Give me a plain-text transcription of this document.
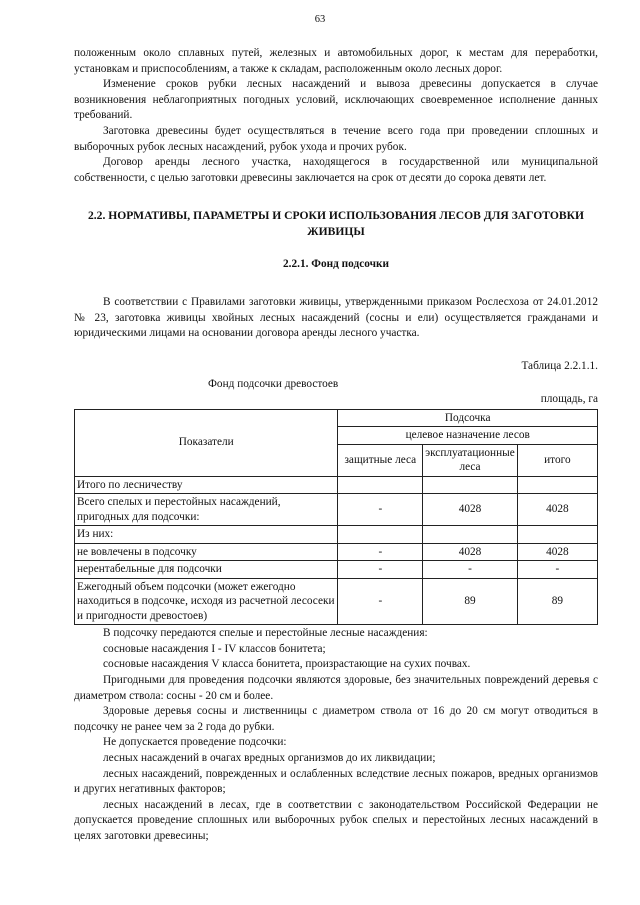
63

положенным около сплавных путей, железных и автомобильных дорог, к местам для переработки, установкам и приспособлениям, а также к складам, расположенным около лесных дорог.

Изменение сроков рубки лесных насаждений и вывоза древесины допускается в случае возникновения неблагоприятных погодных условий, исключающих своевременное исполнение данных требований.

Заготовка древесины будет осуществляться в течение всего года при проведении сплошных и выборочных рубок лесных насаждений, рубок ухода и прочих рубок.

Договор аренды лесного участка, находящегося в государственной или муниципальной собственности, с целью заготовки древесины заключается на срок от десяти до сорока девяти лет.

2.2. НОРМАТИВЫ, ПАРАМЕТРЫ И СРОКИ ИСПОЛЬЗОВАНИЯ ЛЕСОВ ДЛЯ ЗАГОТОВКИ ЖИВИЦЫ
2.2.1. Фонд подсочки

В соответствии с Правилами заготовки живицы, утвержденными приказом Рослесхоза от 24.01.2012 № 23, заготовка живицы хвойных лесных насаждений (сосны и ели) осуществляется гражданами и юридическими лицами на основании договора аренды лесного участка.

Таблица 2.2.1.1.
Фонд подсочки древостоев
площадь, га
Показатели	Подсочка		
	целевое назначение лесов		
	защитные леса	эксплуатационные леса	итого
Итого по лесничеству			
Всего спелых и перестойных насаждений, пригодных для подсочки:	-	4028	4028
Из них:			
не вовлечены в подсочку	-	4028	4028
нерентабельные для подсочки	-	-	-
Ежегодный объем подсочки (может ежегодно находиться в подсочке, исходя из расчетной лесосеки и пригодности древостоев)	-	89	89

В подсочку передаются спелые и перестойные лесные насаждения:

сосновые насаждения I - IV классов бонитета;

сосновые насаждения V класса бонитета, произрастающие на сухих почвах.

Пригодными для проведения подсочки являются здоровые, без значительных повреждений деревья с диаметром ствола: сосны - 20 см и более.

Здоровые деревья сосны и лиственницы с диаметром ствола от 16 до 20 см могут отводиться в подсочку не ранее чем за 2 года до рубки.

Не допускается проведение подсочки:

лесных насаждений в очагах вредных организмов до их ликвидации;

лесных насаждений, поврежденных и ослабленных вследствие лесных пожаров, вредных организмов и других негативных факторов;

лесных насаждений в лесах, где в соответствии с законодательством Российской Федерации не допускается проведение сплошных или выборочных рубок спелых и перестойных лесных насаждений в целях заготовки древесины;
